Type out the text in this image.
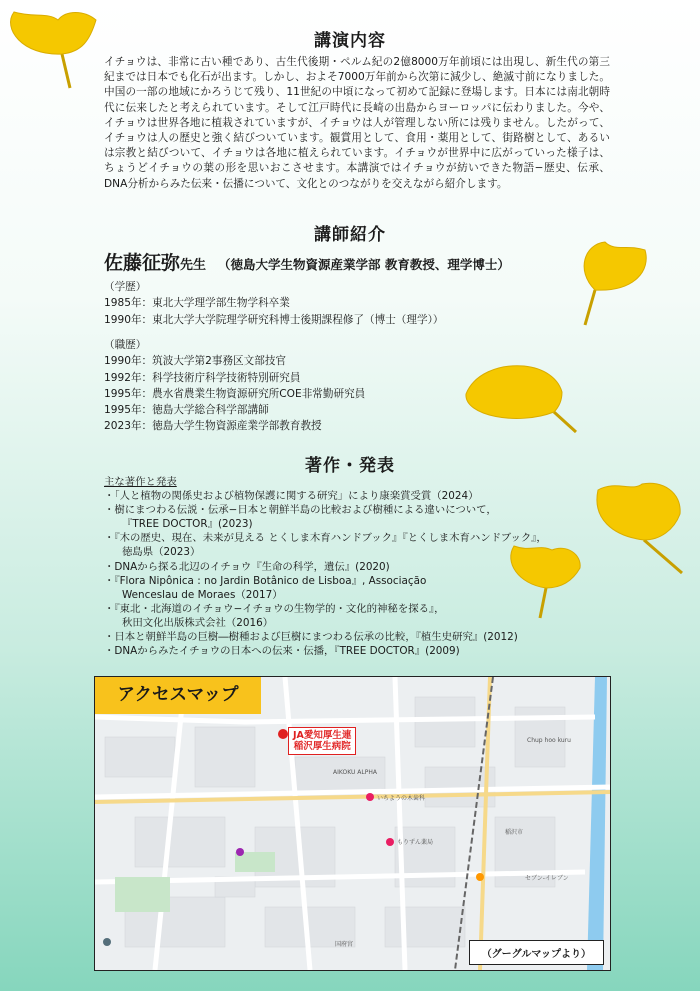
講演内容
イチョウは、非常に古い種であり、古生代後期・ペルム紀の2億8000万年前頃には出現し、新生代の第三紀までは日本でも化石が出ます。しかし、およそ7000万年前から次第に減少し、絶滅寸前になりました。中国の一部の地域にかろうじて残り、11世紀の中頃になって初めて記録に登場します。日本には南北朝時代に伝来したと考えられています。そして江戸時代に長崎の出島からヨーロッパに伝わりました。今や、イチョウは世界各地に植栽されていますが、イチョウは人が管理しない所には残りません。したがって、イチョウは人の歴史と強く結びついています。観賞用として、食用・薬用として、街路樹として、あるいは宗教と結びついて、イチョウは各地に植えられています。イチョウが世界中に広がっていった様子は、ちょうどイチョウの葉の形を思いおこさせます。本講演ではイチョウが紡いできた物語−歴史、伝承、DNA分析からみた伝来・伝播について、文化とのつながりを交えながら紹介します。
講師紹介
佐藤征弥先生 （徳島大学生物資源産業学部 教育教授、理学博士）
（学歴）
1985年：東北大学理学部生物学科卒業
1990年：東北大学大学院理学研究科博士後期課程修了（博士（理学））
（職歴）
1990年：筑波大学第2事務区文部技官
1992年：科学技術庁科学技術特別研究員
1995年：農水省農業生物資源研究所COE非常勤研究員
1995年：徳島大学総合科学部講師
2023年：徳島大学生物資源産業学部教育教授
著作・発表
主な著作と発表
・「人と植物の関係史および植物保護に関する研究」により康楽賞受賞（2024）
・樹にまつわる伝説・伝承−日本と朝鮮半島の比較および樹種による違いについて，
『TREE DOCTOR』(2023)
・『木の歴史、現在、未来が見える とくしま木育ハンドブック』『とくしま木育ハンドブック』，
徳島県（2023）
・DNAから探る北辺のイチョウ『生命の科学，遺伝』(2020)
・『Flora Nipônica : no Jardin Botânico de Lisboa』, Associação
Wenceslau de Moraes（2017）
・『東北・北海道のイチョウ−イチョウの生物学的・文化的神秘を探る』，
秋田文化出版株式会社（2016）
・日本と朝鮮半島の巨樹―樹種および巨樹にまつわる伝承の比較，『植生史研究』(2012)
・DNAからみたイチョウの日本への伝来・伝播，『TREE DOCTOR』(2009)
アクセスマップ
AIKOKU ALPHA
いちようの木歯科
もりずん薬局
セブン-イレブン
国府宮
稲沢市
Chup hoo kuru
JA愛知厚生連
稲沢厚生病院
（グーグルマップより）
